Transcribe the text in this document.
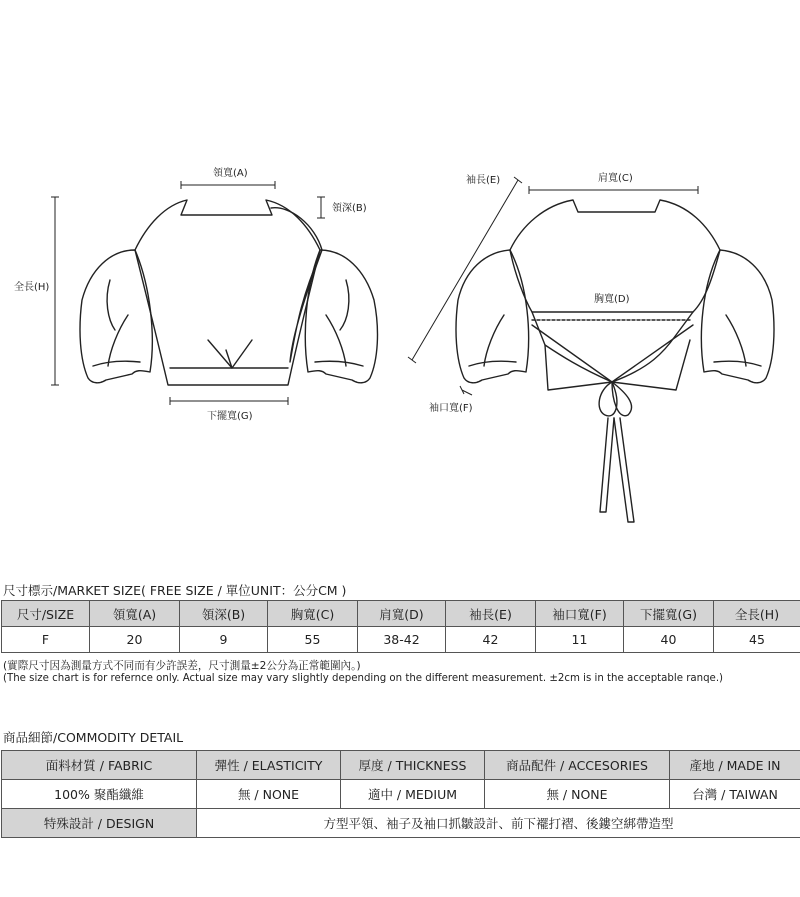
領寬(A)
領深(B)
全長(H)
下擺寬(G)
袖長(E)	肩寬(C)
胸寬(D)
袖口寬(F)
尺寸標示/MARKET SIZE( FREE SIZE / 單位UNIT：公分CM )
尺寸/SIZE	領寬(A)	領深(B)	胸寬(C)	肩寬(D)	袖長(E)	袖口寬(F)	下擺寬(G)	全長(H)
F	20	9	55	38-42	42	11	40	45
(實際尺寸因為測量方式不同而有少許誤差，尺寸測量±2公分為正常範圍內。)
(The size chart is for refernce only. Actual size may vary slightly depending on the different measurement. ±2cm is in the acceptable ranqe.)
商品細節/COMMODITY DETAIL
面料材質 / FABRIC	彈性 / ELASTICITY	厚度 / THICKNESS	商品配件 / ACCESORIES	產地 / MADE IN
100% 聚酯纖維	無 / NONE	適中 / MEDIUM	無 / NONE	台灣 / TAIWAN
特殊設計 / DESIGN	方型平領、袖子及袖口抓皺設計、前下襬打褶、後鏤空綁帶造型			
